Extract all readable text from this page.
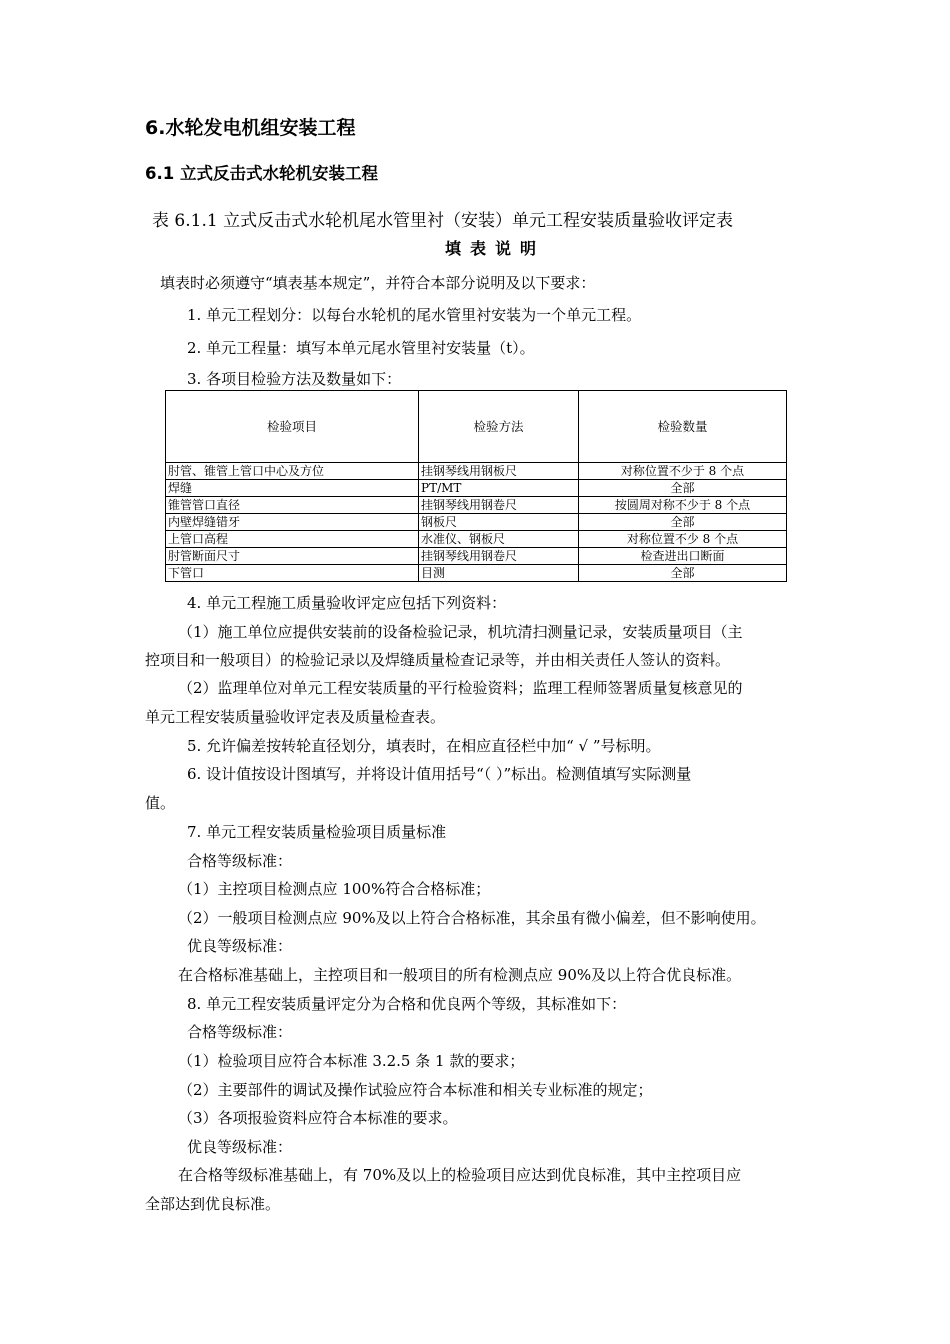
6.水轮发电机组安装工程
6.1 立式反击式水轮机安装工程
表 6.1.1 立式反击式水轮机尾水管里衬（安装）单元工程安装质量验收评定表
填表说明
填表时必须遵守“填表基本规定”，并符合本部分说明及以下要求：
1. 单元工程划分：以每台水轮机的尾水管里衬安装为一个单元工程。
2. 单元工程量：填写本单元尾水管里衬安装量（t）。
3. 各项目检验方法及数量如下：
检验项目	检验方法	检验数量
肘管、锥管上管口中心及方位	挂钢琴线用钢板尺	对称位置不少于 8 个点
焊缝	PT/MT	全部
锥管管口直径	挂钢琴线用钢卷尺	按圆周对称不少于 8 个点
内壁焊缝错牙	钢板尺	全部
上管口高程	水准仪、钢板尺	对称位置不少 8 个点
肘管断面尺寸	挂钢琴线用钢卷尺	检查进出口断面
下管口	目测	全部
4. 单元工程施工质量验收评定应包括下列资料：
（1）施工单位应提供安装前的设备检验记录，机坑清扫测量记录，安装质量项目（主
控项目和一般项目）的检验记录以及焊缝质量检查记录等，并由相关责任人签认的资料。
（2）监理单位对单元工程安装质量的平行检验资料；监理工程师签署质量复核意见的
单元工程安装质量验收评定表及质量检查表。
5. 允许偏差按转轮直径划分，填表时，在相应直径栏中加“ √ ”号标明。
6. 设计值按设计图填写，并将设计值用括号“（ ）”标出。检测值填写实际测量
值。
7. 单元工程安装质量检验项目质量标准
合格等级标准：
（1）主控项目检测点应 100%符合合格标准；
（2）一般项目检测点应 90%及以上符合合格标准，其余虽有微小偏差，但不影响使用。
优良等级标准：
在合格标准基础上，主控项目和一般项目的所有检测点应 90%及以上符合优良标准。
8. 单元工程安装质量评定分为合格和优良两个等级，其标准如下：
合格等级标准：
（1）检验项目应符合本标准 3.2.5 条 1 款的要求；
（2）主要部件的调试及操作试验应符合本标准和相关专业标准的规定；
（3）各项报验资料应符合本标准的要求。
优良等级标准：
在合格等级标准基础上，有 70%及以上的检验项目应达到优良标准，其中主控项目应
全部达到优良标准。
